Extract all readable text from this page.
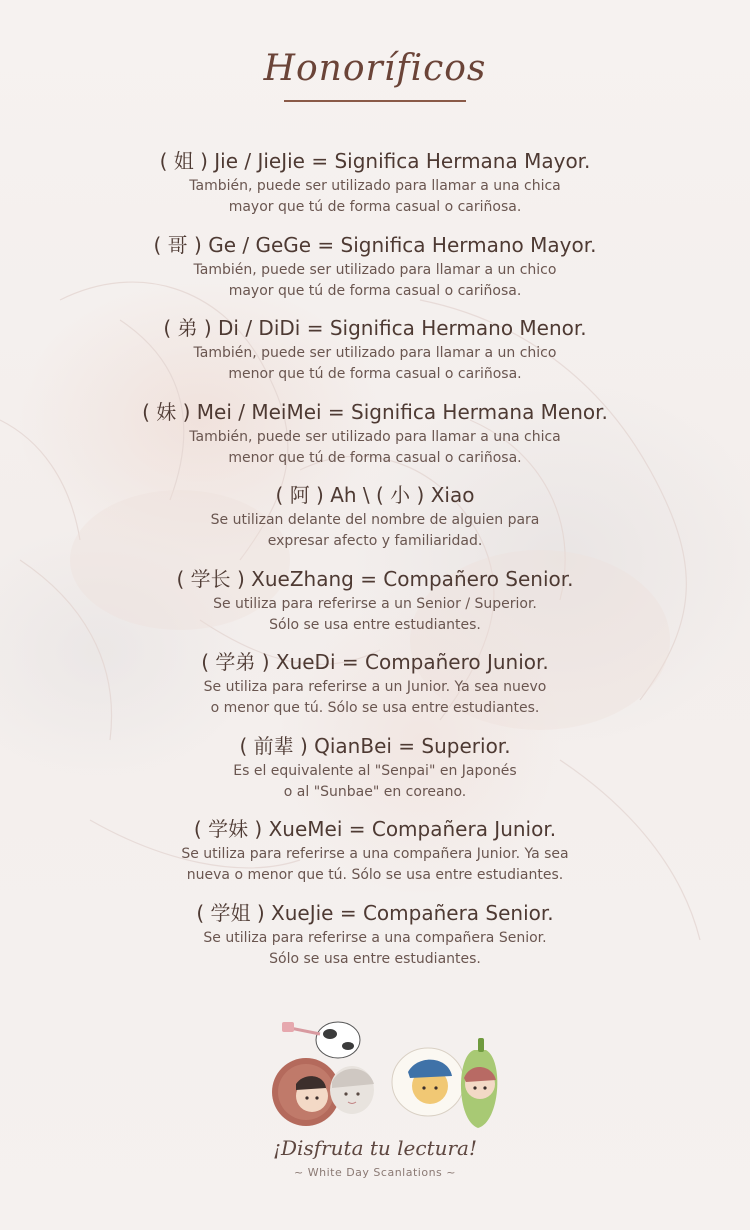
Honoríficos

( 姐 ) Jie / JieJie = Significa Hermana Mayor.

También, puede ser utilizado para llamar a una chica

mayor que tú de forma casual o cariñosa.

( 哥 ) Ge / GeGe = Significa Hermano Mayor.

También, puede ser utilizado para llamar a un chico

mayor que tú de forma casual o cariñosa.

( 弟 ) Di / DiDi = Significa Hermano Menor.

También, puede ser utilizado para llamar a un chico

menor que tú de forma casual o cariñosa.

( 妹 ) Mei / MeiMei = Significa Hermana Menor.

También, puede ser utilizado para llamar a una chica

menor que tú de forma casual o cariñosa.

( 阿 ) Ah \ ( 小 ) Xiao

Se utilizan delante del nombre de alguien para

expresar afecto y familiaridad.

( 学长 ) XueZhang = Compañero Senior.

Se utiliza para referirse a un Senior / Superior.

Sólo se usa entre estudiantes.

( 学弟 ) XueDi = Compañero Junior.

Se utiliza para referirse a un Junior. Ya sea nuevo

o menor que tú. Sólo se usa entre estudiantes.

( 前辈 ) QianBei = Superior.

Es el equivalente al "Senpai" en Japonés

o al "Sunbae" en coreano.

( 学妹 ) XueMei = Compañera Junior.

Se utiliza para referirse a una compañera Junior. Ya sea

nueva o menor que tú. Sólo se usa entre estudiantes.

( 学姐 ) XueJie = Compañera Senior.

Se utiliza para referirse a una compañera Senior.

Sólo se usa entre estudiantes.

¡Disfruta tu lectura!
~ White Day Scanlations ~
